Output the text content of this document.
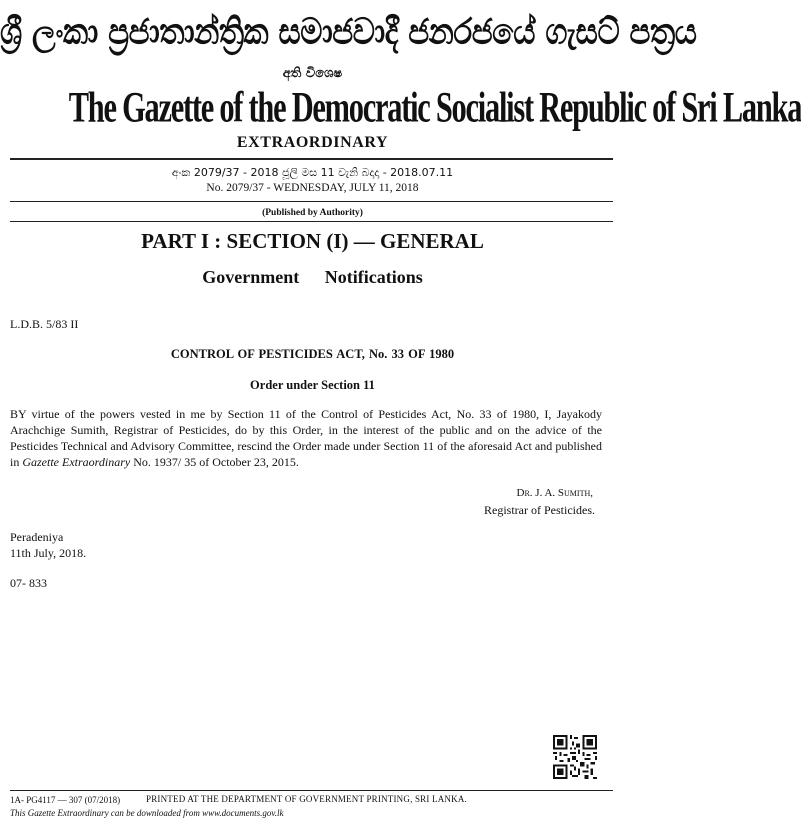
ශ්‍රී ලංකා ප්‍රජාතාන්ත්‍රික සමාජවාදී ජනරජයේ ගැසට් පත්‍රය
අති විශෙෂ
The Gazette of the Democratic Socialist Republic of Sri Lanka
EXTRAORDINARY
අංක 2079/37 - 2018 ජූලි මස 11 වැනි බදාදා - 2018.07.11
No. 2079/37 - WEDNESDAY, JULY 11, 2018
(Published by Authority)
PART I : SECTION (I) — GENERAL
Government   Notifications
L.D.B. 5/83 II
CONTROL OF PESTICIDES ACT, No. 33 OF 1980
Order under Section 11
BY virtue of the powers vested in me by Section 11 of the Control of Pesticides Act, No. 33 of 1980, I, Jayakody Arachchige Sumith, Registrar of Pesticides, do by this Order, in the interest of the public and on the advice of the Pesticides Technical and Advisory Committee, rescind the Order made under Section 11 of the aforesaid Act and published in Gazette Extraordinary No. 1937/ 35 of October 23, 2015.
Dr. J. A. Sumith,
Registrar of Pesticides.
Peradeniya
11th July, 2018.
07- 833
1A- PG4117 — 307 (07/2018)	PRINTED AT THE DEPARTMENT OF GOVERNMENT PRINTING, SRI LANKA.
This Gazette Extraordinary can be downloaded from www.documents.gov.lk
